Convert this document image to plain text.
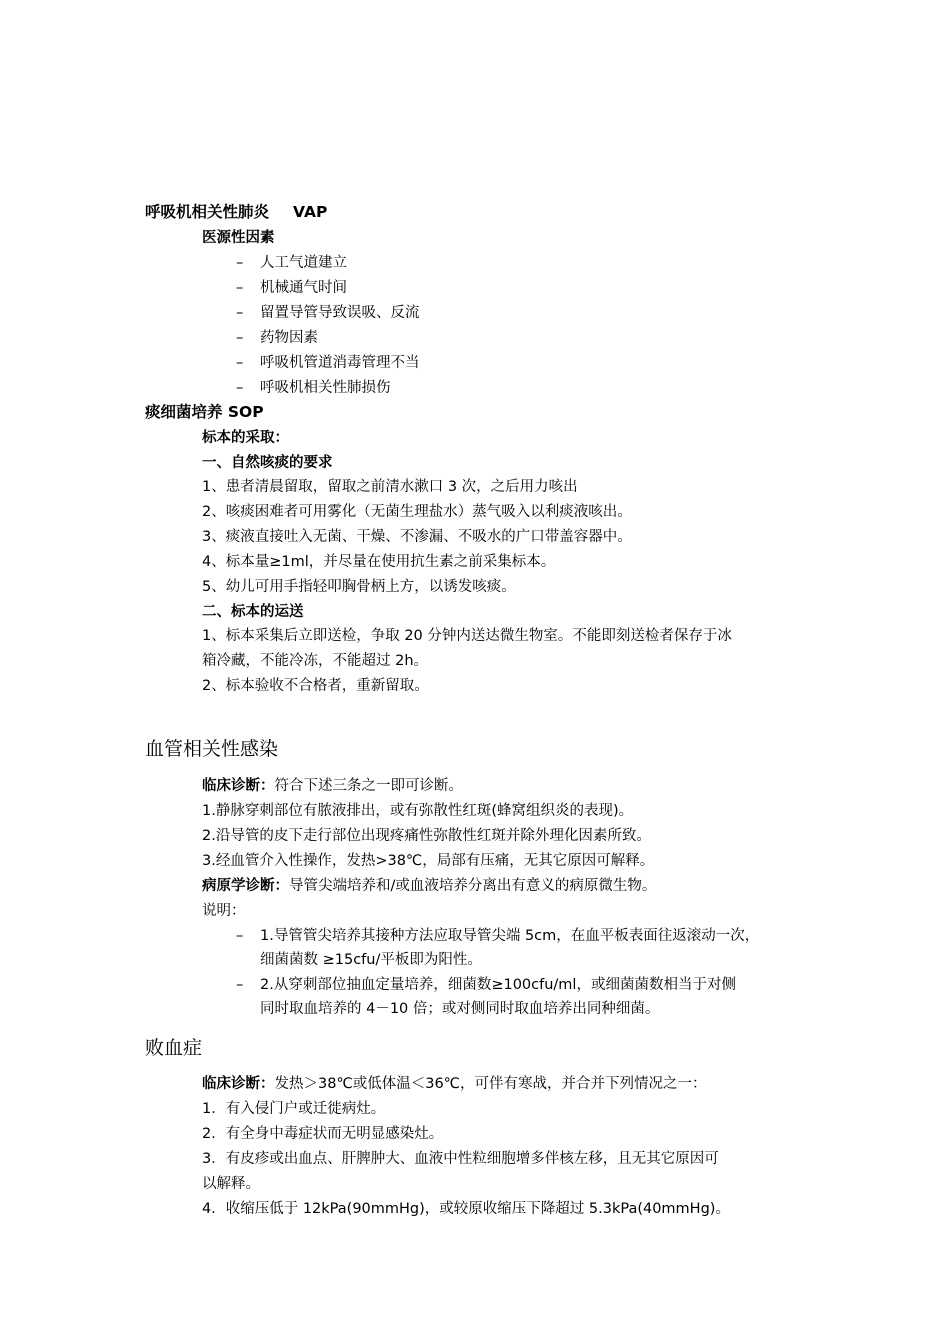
呼吸机相关性肺炎 VAP
医源性因素
– 人工气道建立
– 机械通气时间
– 留置导管导致误吸、反流
– 药物因素
– 呼吸机管道消毒管理不当
– 呼吸机相关性肺损伤
痰细菌培养 SOP
标本的采取：
一、自然咳痰的要求
1、患者清晨留取，留取之前清水漱口 3 次，之后用力咳出
2、咳痰困难者可用雾化（无菌生理盐水）蒸气吸入以利痰液咳出。
3、痰液直接吐入无菌、干燥、不渗漏、不吸水的广口带盖容器中。
4、标本量≥1ml，并尽量在使用抗生素之前采集标本。
5、幼儿可用手指轻叩胸骨柄上方，以诱发咳痰。
二、标本的运送
1、标本采集后立即送检，争取 20 分钟内送达微生物室。不能即刻送检者保存于冰
箱冷藏，不能冷冻，不能超过 2h。
2、标本验收不合格者，重新留取。
血管相关性感染
临床诊断：符合下述三条之一即可诊断。
1.静脉穿刺部位有脓液排出，或有弥散性红斑(蜂窝组织炎的表现)。
2.沿导管的皮下走行部位出现疼痛性弥散性红斑并除外理化因素所致。
3.经血管介入性操作，发热>38℃，局部有压痛，无其它原因可解释。
病原学诊断：导管尖端培养和/或血液培养分离出有意义的病原微生物。
说明：
– 1.导管管尖培养其接种方法应取导管尖端 5cm，在血平板表面往返滚动一次，
细菌菌数 ≥15cfu/平板即为阳性。
– 2.从穿刺部位抽血定量培养，细菌数≥100cfu/ml，或细菌菌数相当于对侧
同时取血培养的 4－10 倍；或对侧同时取血培养出同种细菌。
败血症
临床诊断：发热＞38℃或低体温＜36℃，可伴有寒战，并合并下列情况之一：
1．有入侵门户或迁徙病灶。
2．有全身中毒症状而无明显感染灶。
3．有皮疹或出血点、肝脾肿大、血液中性粒细胞增多伴核左移，且无其它原因可
以解释。
4．收缩压低于 12kPa(90mmHg)，或较原收缩压下降超过 5.3kPa(40mmHg)。
